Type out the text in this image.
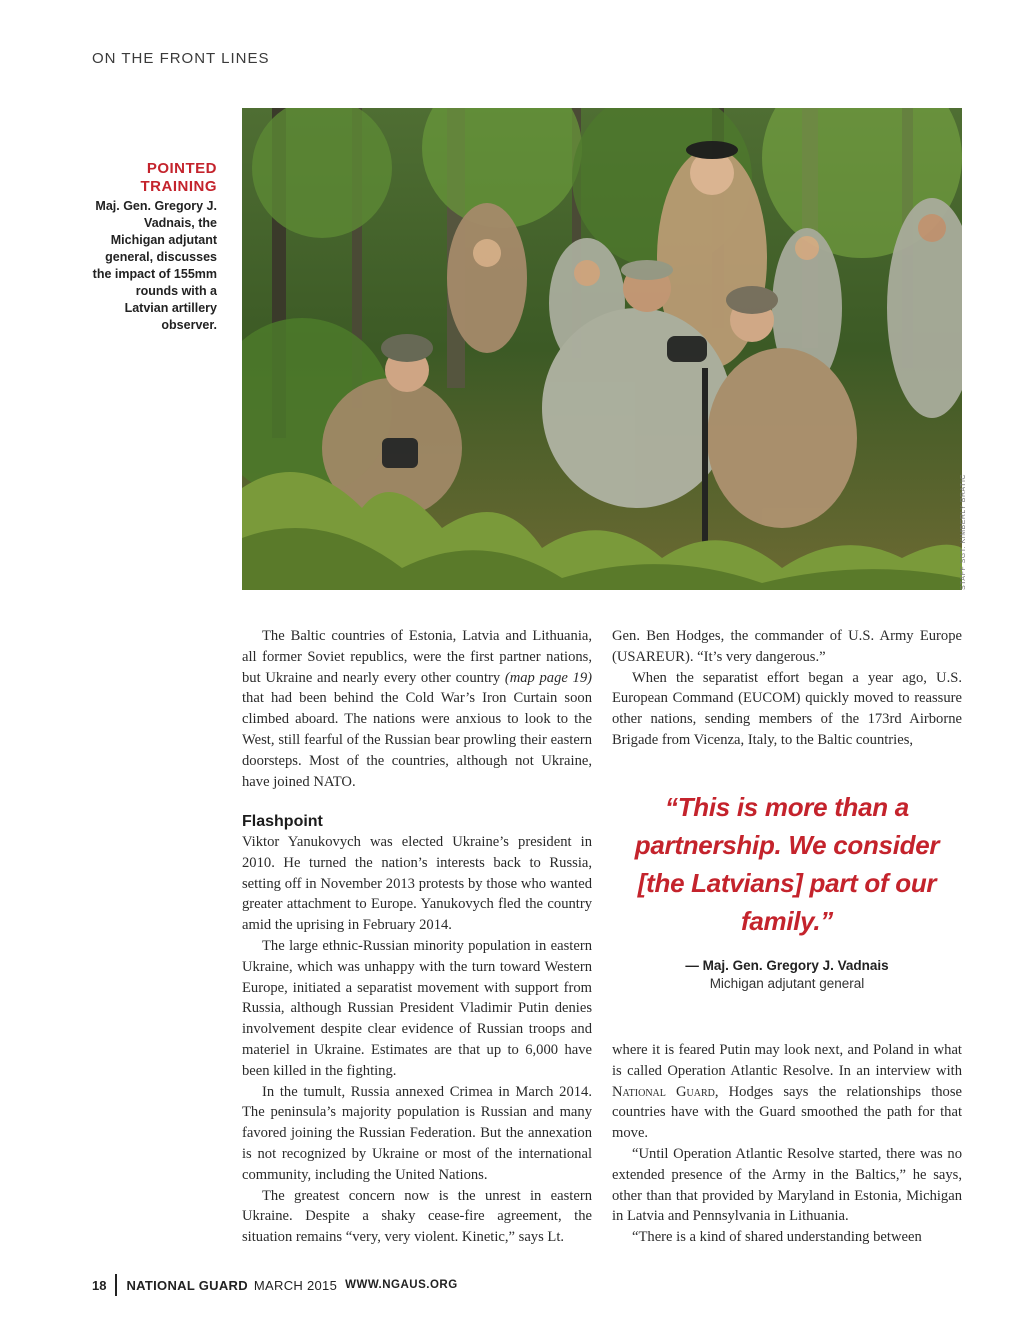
ON THE FRONT LINES
POINTED TRAINING
Maj. Gen. Gregory J. Vadnais, the Michigan adjutant general, discusses the impact of 155mm rounds with a Latvian artillery observer.
STAFF SGT. KIMBERLY BRATIC

The Baltic countries of Estonia, Latvia and Lithuania, all former Soviet republics, were the first partner nations, but Ukraine and nearly every other country (map page 19) that had been behind the Cold War’s Iron Curtain soon climbed aboard. The nations were anxious to look to the West, still fearful of the Russian bear prowling their eastern doorsteps. Most of the countries, although not Ukraine, have joined NATO.

Flashpoint

Viktor Yanukovych was elected Ukraine’s president in 2010. He turned the nation’s interests back to Russia, setting off in November 2013 protests by those who wanted greater attachment to Europe. Yanukovych fled the country amid the uprising in February 2014.

The large ethnic-Russian minority population in eastern Ukraine, which was unhappy with the turn toward Western Europe, initiated a separatist movement with support from Russia, although Russian President Vladimir Putin denies involvement despite clear evidence of Russian troops and materiel in Ukraine. Estimates are that up to 6,000 have been killed in the fighting.

In the tumult, Russia annexed Crimea in March 2014. The peninsula’s majority population is Russian and many favored joining the Russian Federation. But the annexation is not recognized by Ukraine or most of the international community, including the United Nations.

The greatest concern now is the unrest in eastern Ukraine. Despite a shaky cease-fire agreement, the situation remains “very, very violent. Kinetic,” says Lt.

Gen. Ben Hodges, the commander of U.S. Army Europe (USAREUR). “It’s very dangerous.”

When the separatist effort began a year ago, U.S. European Command (EUCOM) quickly moved to reassure other nations, sending members of the 173rd Airborne Brigade from Vicenza, Italy, to the Baltic countries,

“This is more than a partnership. We consider [the Latvians] part of our family.”
— Maj. Gen. Gregory J. Vadnais
Michigan adjutant general

where it is feared Putin may look next, and Poland in what is called Operation Atlantic Resolve. In an interview with National Guard, Hodges says the relationships those countries have with the Guard smoothed the path for that move.

“Until Operation Atlantic Resolve started, there was no extended presence of the Army in the Baltics,” he says, other than that provided by Maryland in Estonia, Michigan in Latvia and Pennsylvania in Lithuania.

“There is a kind of shared understanding between

18 NATIONAL GUARD MARCH 2015 WWW.NGAUS.ORG
